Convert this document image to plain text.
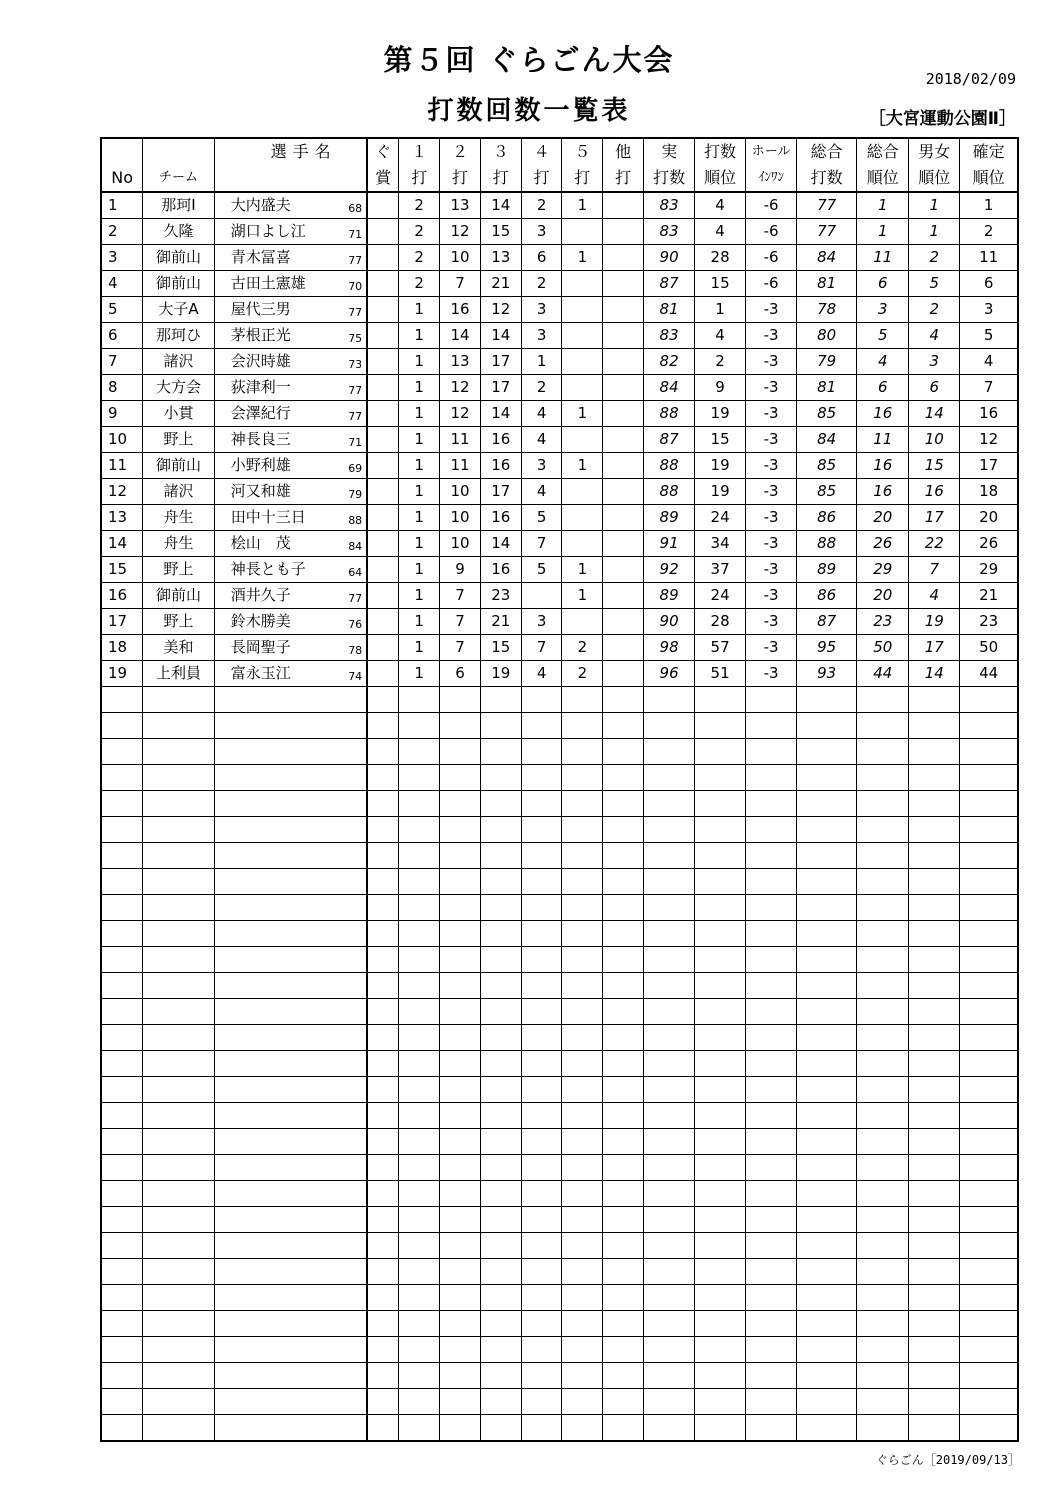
第５回 ぐらごん大会
2018/02/09
打数回数一覧表	［大宮運動公園Ⅱ］
		選手名		ぐ	１	２	３	４	５	他	実	打数	ホール	総合	総合	男女	確定
No	チーム			賞	打	打	打	打	打	打	打数	順位	ｲﾝﾜﾝ	打数	順位	順位	順位
1	那珂Ⅰ	大内盛夫 68			2	13	14	2	1		83	4	-6	77	1	1	1
2	久隆	湖口よし江 71			2	12	15	3			83	4	-6	77	1	1	2
3	御前山	青木冨喜 77			2	10	13	6	1		90	28	-6	84	11	2	11
4	御前山	古田土憲雄 70			2	7	21	2			87	15	-6	81	6	5	6
5	大子A	屋代三男 77			1	16	12	3			81	1	-3	78	3	2	3
6	那珂ひ	茅根正光 75			1	14	14	3			83	4	-3	80	5	4	5
7	諸沢	会沢時雄 73			1	13	17	1			82	2	-3	79	4	3	4
8	大方会	荻津利一 77			1	12	17	2			84	9	-3	81	6	6	7
9	小貫	会澤紀行 77			1	12	14	4	1		88	19	-3	85	16	14	16
10	野上	神長良三 71			1	11	16	4			87	15	-3	84	11	10	12
11	御前山	小野利雄 69			1	11	16	3	1		88	19	-3	85	16	15	17
12	諸沢	河又和雄 79			1	10	17	4			88	19	-3	85	16	16	18
13	舟生	田中十三日 88			1	10	16	5			89	24	-3	86	20	17	20
14	舟生	桧山　茂 84			1	10	14	7			91	34	-3	88	26	22	26
15	野上	神長とも子 64			1	9	16	5	1		92	37	-3	89	29	7	29
16	御前山	酒井久子 77			1	7	23		1		89	24	-3	86	20	4	21
17	野上	鈴木勝美 76			1	7	21	3			90	28	-3	87	23	19	23
18	美和	長岡聖子 78			1	7	15	7	2		98	57	-3	95	50	17	50
19	上利員	富永玉江 74			1	6	19	4	2		96	51	-3	93	44	14	44

ぐらごん［2019/09/13］
